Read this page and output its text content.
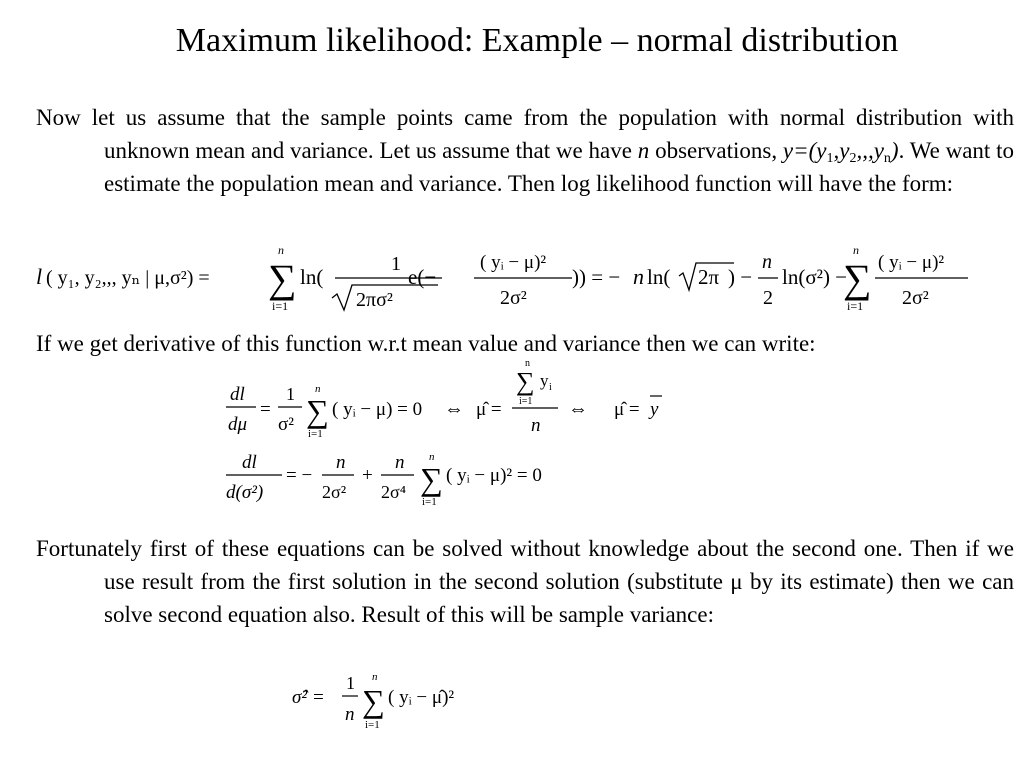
Maximum likelihood: Example – normal distribution
Now let us assume that the sample points came from the population with normal distribution with unknown mean and variance. Let us assume that we have n observations, $y=(y_1,y_2,,,y_n)$. We want to estimate the population mean and variance. Then log likelihood function will have the form:
l ( y₁, y₂,,, yₙ | μ,σ²) =
n
∑
i=1
ln(
1
2πσ²
e(−
( yᵢ − μ)²
2σ²
)) = − n ln( 2π ) −
n
2
ln(σ²) −
n
∑
i=1
( yᵢ − μ)²
2σ²
If we get derivative of this function w.r.t mean value and variance then we can write:
dl
dμ
=
1
σ²
n
∑
i=1
( yᵢ − μ) = 0 ⇔ μ̂ =
n
∑
i=1
y i
n
⇔ μ̂ = y
dl
d(σ²)
= −
n
2σ²
+
n
2σ⁴
n
∑
i=1
( yᵢ − μ)² = 0
Fortunately first of these equations can be solved without knowledge about the second one. Then if we use result from the first solution in the second solution (substitute μ by its estimate) then we can solve second equation also. Result of this will be sample variance:
σ̂² =
1
n
n
∑
i=1
( yᵢ − μ̂)²
